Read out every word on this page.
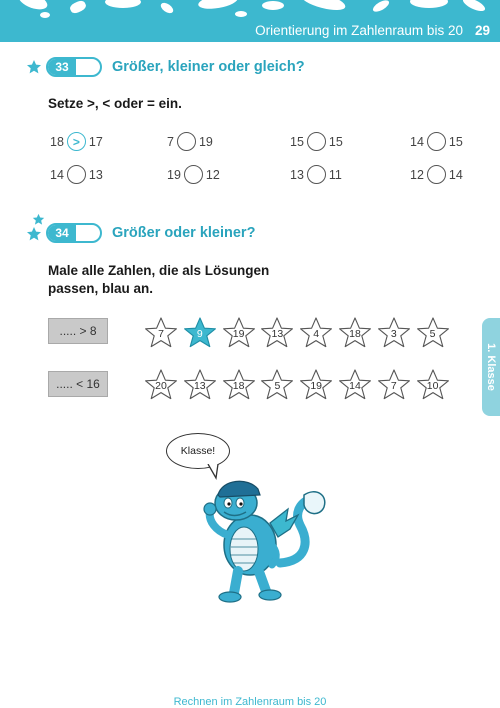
Orientierung im Zahlenraum bis 20 29
33	Größer, kleiner oder gleich?
Setze >, < oder = ein.
18 > 17	7 19	15 15	14 15
14 13	19 12	13 11	12 14
34	Größer oder kleiner?
Male alle Zahlen, die als Lösungen
passen, blau an.
..... > 8
..... < 16
7	9	19	13	4	18	3	5
20	13	18	5	19	14	7	10	1. Klasse
Klasse!
Rechnen im Zahlenraum bis 20
